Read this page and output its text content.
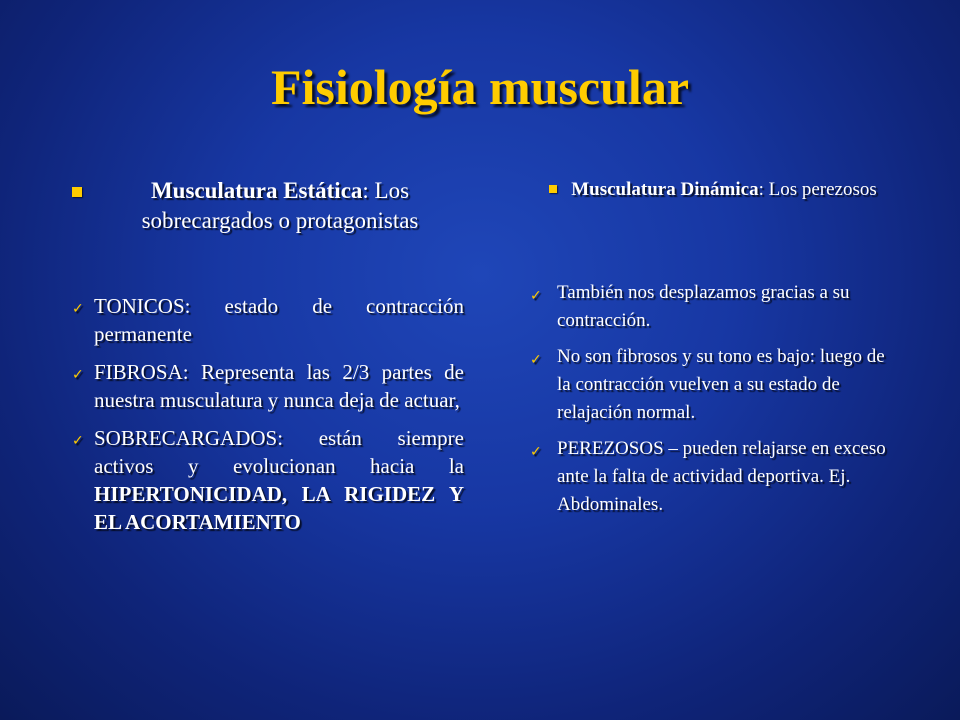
Fisiología muscular
Musculatura Estática: Los sobrecargados o protagonistas
✓ TONICOS: estado de contracción permanente
✓ FIBROSA: Representa las 2/3 partes de nuestra musculatura y nunca deja de actuar,
✓ SOBRECARGADOS: están siempre activos y evolucionan hacia la HIPERTONICIDAD, LA RIGIDEZ Y EL ACORTAMIENTO
Musculatura Dinámica: Los perezosos
✓ También nos desplazamos gracias a su contracción.
✓ No son fibrosos y su tono es bajo: luego de la contracción vuelven a su estado de relajación normal.
✓ PEREZOSOS – pueden relajarse en exceso ante la falta de actividad deportiva. Ej. Abdominales.
